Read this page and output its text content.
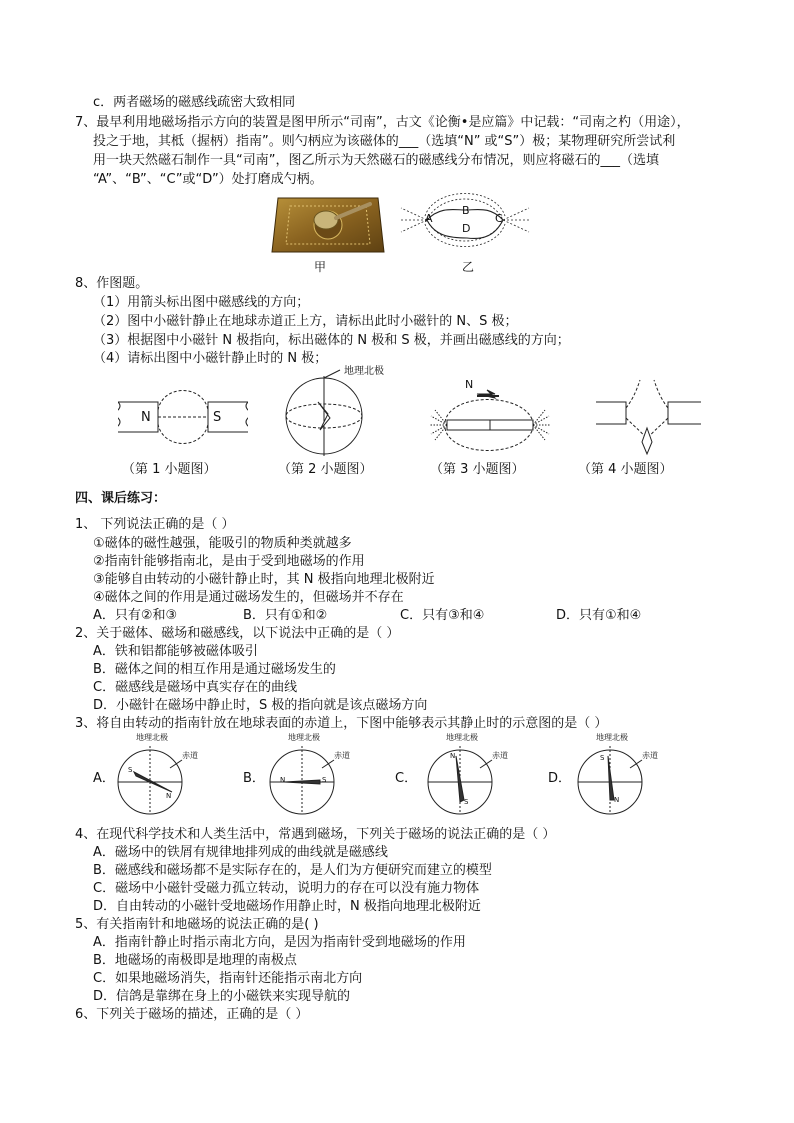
c．两者磁场的磁感线疏密大致相同
7、最早利用地磁场指示方向的装置是图甲所示“司南”，古文《论衡•是应篇》中记载：“司南之杓（用途），
投之于地，其柢（握柄）指南”。则勺柄应为该磁体的___（选填“N” 或“S”）极；某物理研究所尝试利
用一块天然磁石制作一具“司南”，图乙所示为天然磁石的磁感线分布情况，则应将磁石的___（选填
“A”、“B”、“C”或“D”）处打磨成勺柄。
甲
A
B
C
D
乙
8、作图题。
（1）用箭头标出图中磁感线的方向；
（2）图中小磁针静止在地球赤道正上方，请标出此时小磁针的 N、S 极；
（3）根据图中小磁针 N 极指向，标出磁体的 N 极和 S 极，并画出磁感线的方向；
（4）请标出图中小磁针静止时的 N 极；
N	S
地理北极
N
（第 1 小题图）	（第 2 小题图）	（第 3 小题图）	（第 4 小题图）
四、课后练习：
1、 下列说法正确的是（ ）
①磁体的磁性越强，能吸引的物质种类就越多
②指南针能够指南北，是由于受到地磁场的作用
③能够自由转动的小磁针静止时，其 N 极指向地理北极附近
④磁体之间的作用是通过磁场发生的，但磁场并不存在
A．只有②和③	B．只有①和②	C．只有③和④	D．只有①和④
2、关于磁体、磁场和磁感线，以下说法中正确的是（ ）
A．铁和铝都能够被磁体吸引
B．磁体之间的相互作用是通过磁场发生的
C．磁感线是磁场中真实存在的曲线
D．小磁针在磁场中静止时，S 极的指向就是该点磁场方向
3、将自由转动的指南针放在地球表面的赤道上，下图中能够表示其静止时的示意图的是（ ）
A．
地理北极
赤道
S
N
B．
地理北极
赤道
N	S	C．
地理北极
赤道
N
S
D．
地理北极
赤道
S
N
4、在现代科学技术和人类生活中，常遇到磁场，下列关于磁场的说法正确的是（ ）
A．磁场中的铁屑有规律地排列成的曲线就是磁感线
B．磁感线和磁场都不是实际存在的，是人们为方便研究而建立的模型
C．磁场中小磁针受磁力孤立转动，说明力的存在可以没有施力物体
D．自由转动的小磁针受地磁场作用静止时，N 极指向地理北极附近
5、有关指南针和地磁场的说法正确的是( )
A．指南针静止时指示南北方向，是因为指南针受到地磁场的作用
B．地磁场的南极即是地理的南极点
C．如果地磁场消失，指南针还能指示南北方向
D．信鸽是靠绑在身上的小磁铁来实现导航的
6、下列关于磁场的描述，正确的是（ ）
